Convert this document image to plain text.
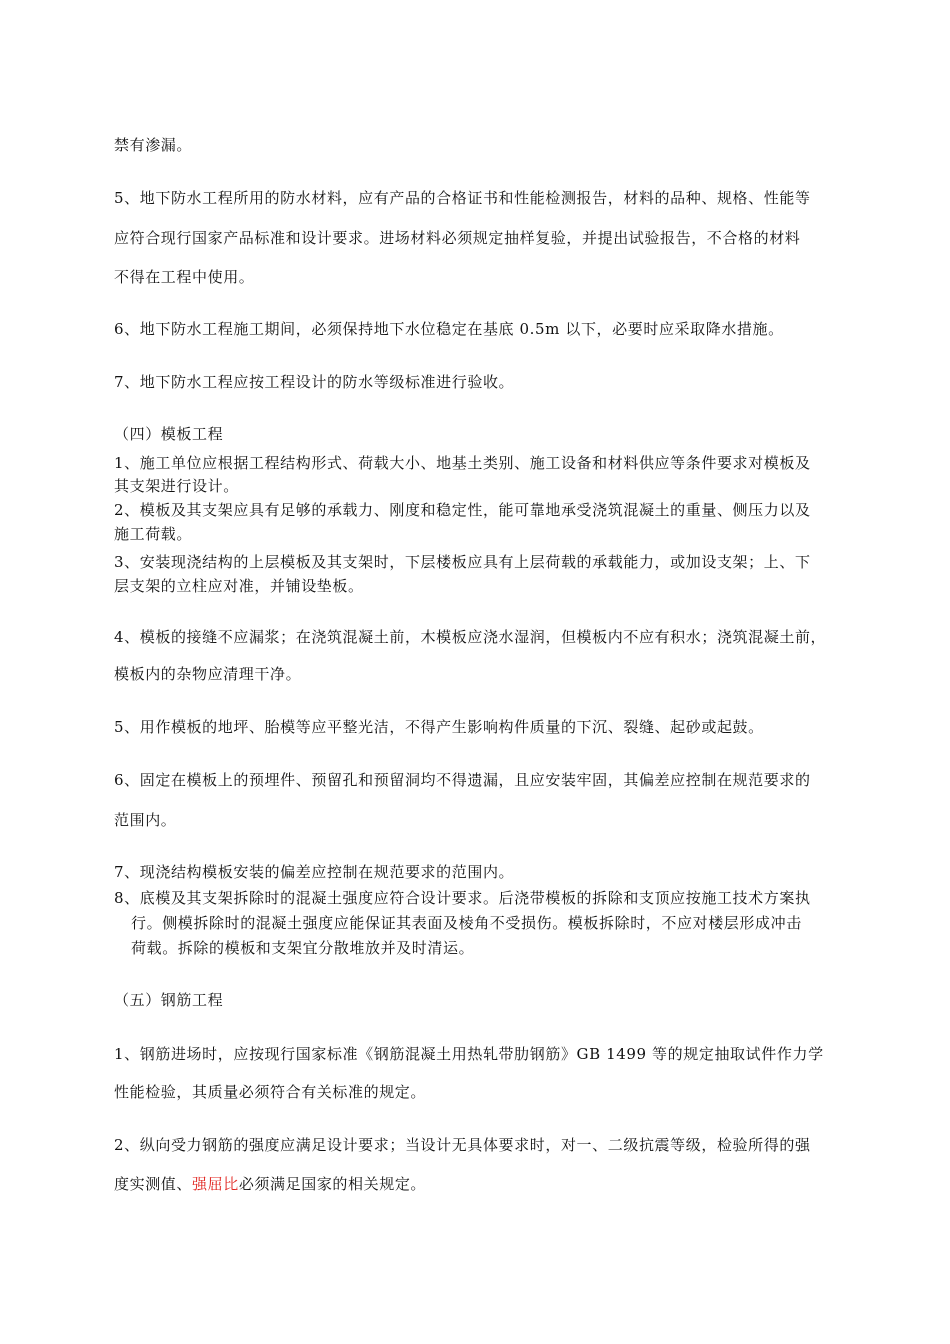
禁有渗漏。
5、地下防水工程所用的防水材料，应有产品的合格证书和性能检测报告，材料的品种、规格、性能等
应符合现行国家产品标准和设计要求。进场材料必须规定抽样复验，并提出试验报告，不合格的材料
不得在工程中使用。
6、地下防水工程施工期间，必须保持地下水位稳定在基底 0.5m 以下，必要时应采取降水措施。
7、地下防水工程应按工程设计的防水等级标准进行验收。
（四）模板工程
1、施工单位应根据工程结构形式、荷载大小、地基土类别、施工设备和材料供应等条件要求对模板及
其支架进行设计。
2、模板及其支架应具有足够的承载力、刚度和稳定性，能可靠地承受浇筑混凝土的重量、侧压力以及
施工荷载。
3、安装现浇结构的上层模板及其支架时，下层楼板应具有上层荷载的承载能力，或加设支架；上、下
层支架的立柱应对准，并铺设垫板。
4、模板的接缝不应漏浆；在浇筑混凝土前，木模板应浇水湿润，但模板内不应有积水；浇筑混凝土前，
模板内的杂物应清理干净。
5、用作模板的地坪、胎模等应平整光洁，不得产生影响构件质量的下沉、裂缝、起砂或起鼓。
6、固定在模板上的预埋件、预留孔和预留洞均不得遗漏，且应安装牢固，其偏差应控制在规范要求的
范围内。
7、现浇结构模板安装的偏差应控制在规范要求的范围内。
8、底模及其支架拆除时的混凝土强度应符合设计要求。后浇带模板的拆除和支顶应按施工技术方案执
行。侧模拆除时的混凝土强度应能保证其表面及棱角不受损伤。模板拆除时，不应对楼层形成冲击
荷载。拆除的模板和支架宜分散堆放并及时清运。
（五）钢筋工程
1、钢筋进场时，应按现行国家标准《钢筋混凝土用热轧带肋钢筋》GB 1499 等的规定抽取试件作力学
性能检验，其质量必须符合有关标准的规定。
2、纵向受力钢筋的强度应满足设计要求；当设计无具体要求时，对一、二级抗震等级，检验所得的强
度实测值、强屈比必须满足国家的相关规定。
